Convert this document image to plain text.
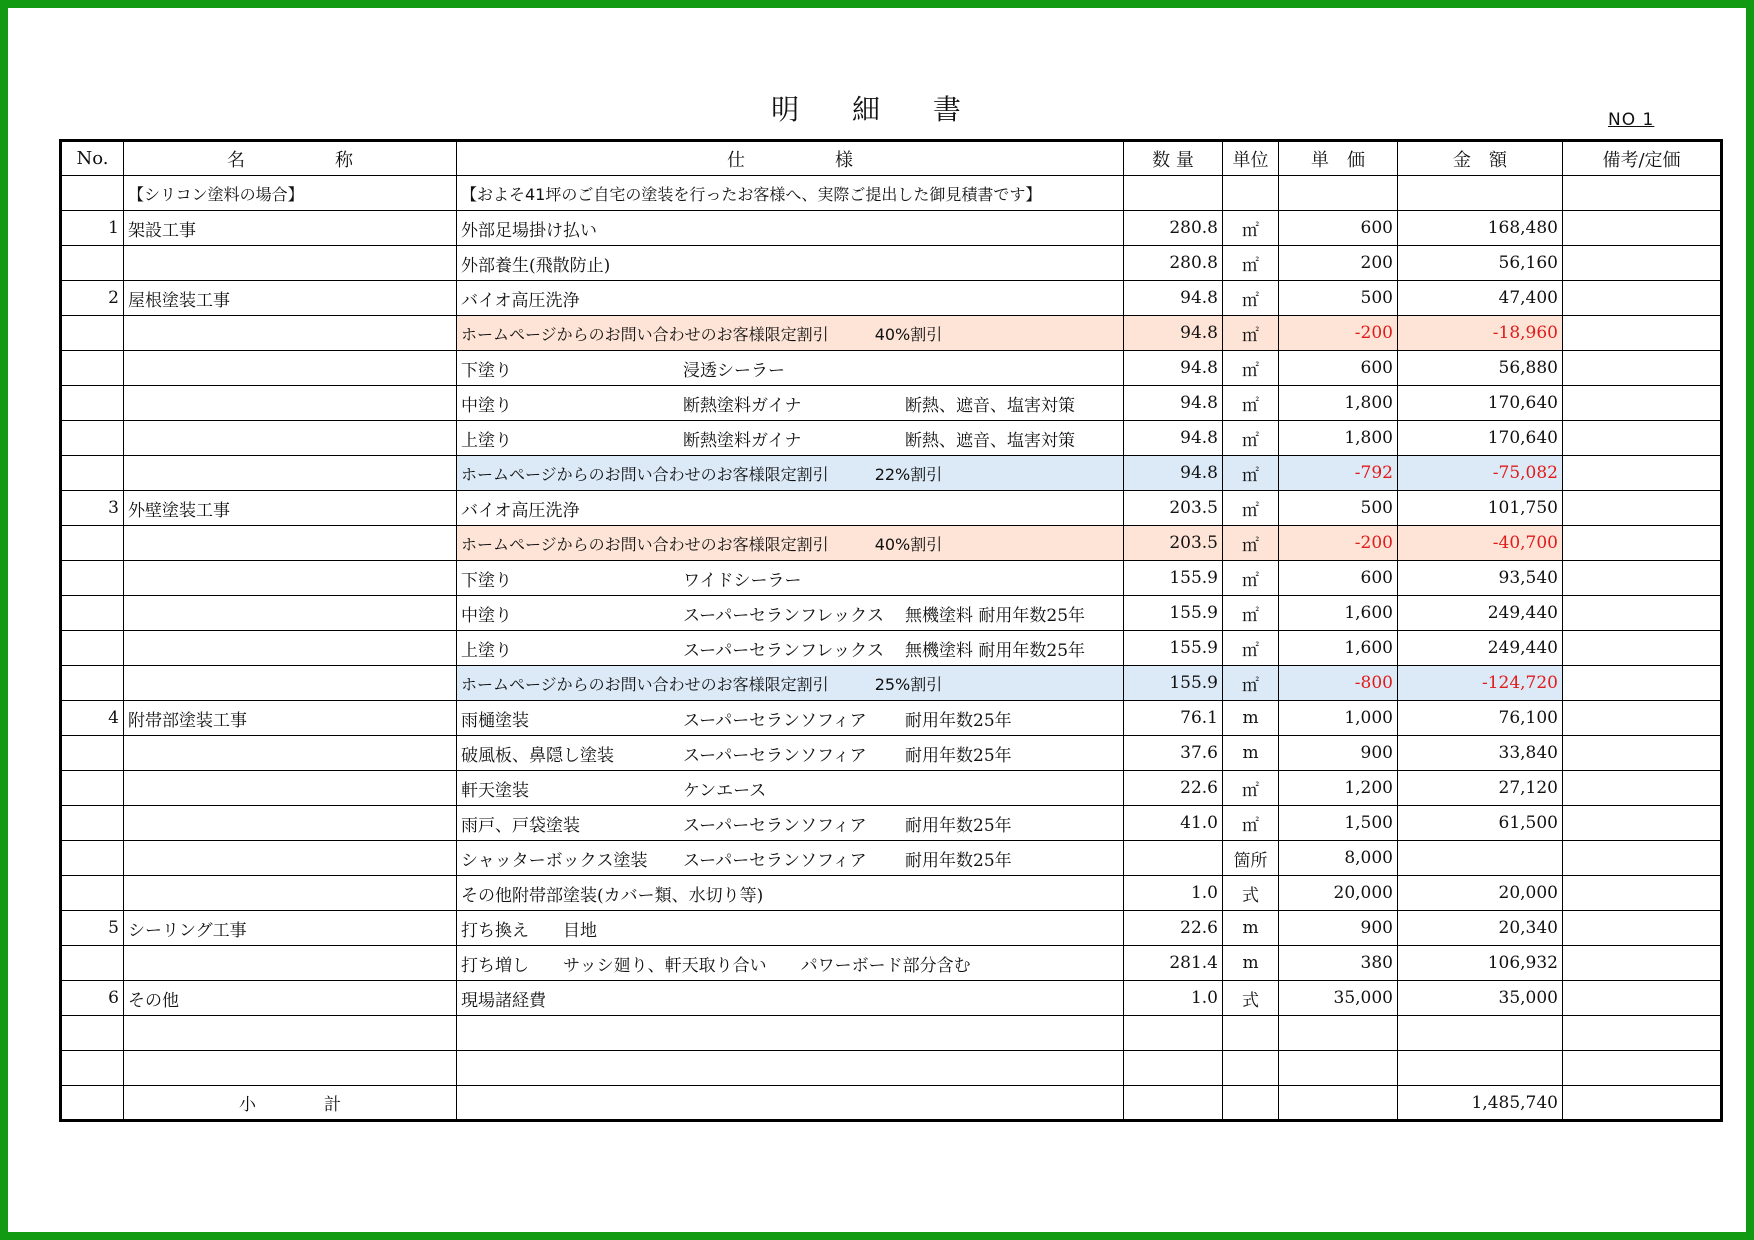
明 細 書	NO 1
No.	名　　　　　称	仕　　　　　様	数 量	単位	単　価	金　額	備考/定価
	【シリコン塗料の場合】	【およそ41坪のご自宅の塗装を行ったお客様へ、実際ご提出した御見積書です】					
1	架設工事	外部足場掛け払い	280.8	㎡	600	168,480	
		外部養生(飛散防止)	280.8	㎡	200	56,160	
2	屋根塗装工事	バイオ高圧洗浄	94.8	㎡	500	47,400	
		ホームページからのお問い合わせのお客様限定割引 40%割引	94.8	㎡	-200	-18,960	
		下塗り 浸透シーラー	94.8	㎡	600	56,880	
		中塗り 断熱塗料ガイナ 断熱、遮音、塩害対策	94.8	㎡	1,800	170,640	
		上塗り 断熱塗料ガイナ 断熱、遮音、塩害対策	94.8	㎡	1,800	170,640	
		ホームページからのお問い合わせのお客様限定割引 22%割引	94.8	㎡	-792	-75,082	
3	外壁塗装工事	バイオ高圧洗浄	203.5	㎡	500	101,750	
		ホームページからのお問い合わせのお客様限定割引 40%割引	203.5	㎡	-200	-40,700	
		下塗り ワイドシーラー	155.9	㎡	600	93,540	
		中塗り スーパーセランフレックス 無機塗料 耐用年数25年	155.9	㎡	1,600	249,440	
		上塗り スーパーセランフレックス 無機塗料 耐用年数25年	155.9	㎡	1,600	249,440	
		ホームページからのお問い合わせのお客様限定割引 25%割引	155.9	㎡	-800	-124,720	
4	附帯部塗装工事	雨樋塗装 スーパーセランソフィア 耐用年数25年	76.1	m	1,000	76,100	
		破風板、鼻隠し塗装 スーパーセランソフィア 耐用年数25年	37.6	m	900	33,840	
		軒天塗装 ケンエース	22.6	㎡	1,200	27,120	
		雨戸、戸袋塗装 スーパーセランソフィア 耐用年数25年	41.0	㎡	1,500	61,500	
		シャッターボックス塗装 スーパーセランソフィア 耐用年数25年		箇所	8,000		
		その他附帯部塗装(カバー類、水切り等)	1.0	式	20,000	20,000	
5	シーリング工事	打ち換え　　目地	22.6	m	900	20,340	
		打ち増し　　サッシ廻り、軒天取り合い　　パワーボード部分含む	281.4	m	380	106,932	
6	その他	現場諸経費	1.0	式	35,000	35,000	

	小　　　　計					1,485,740	
